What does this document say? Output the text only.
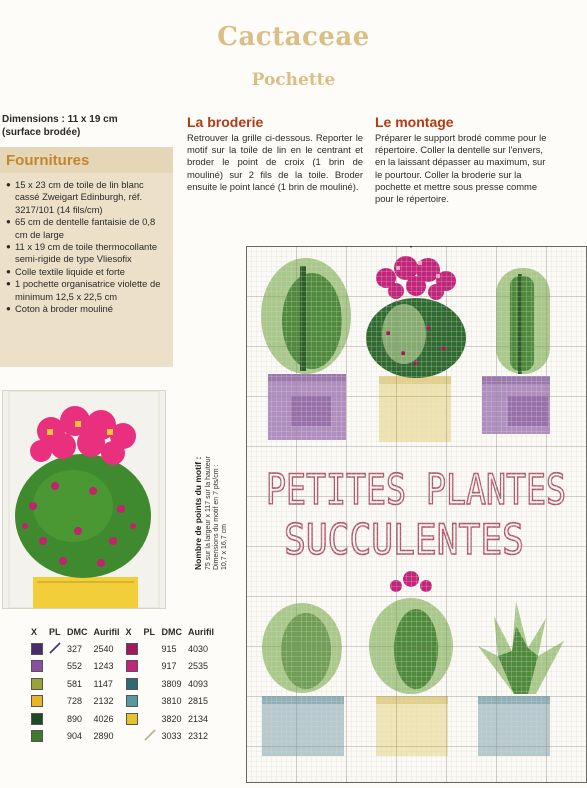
Cactaceae
Pochette
Dimensions : 11 x 19 cm
(surface brodée)
Fournitures
● 15 x 23 cm de toile de lin blanc cassé Zweigart Edinburgh, réf. 3217/101 (14 fils/cm)
● 65 cm de dentelle fantaisie de 0,8 cm de large
● 11 x 19 cm de toile thermocollante semi-rigide de type Vliesofix
● Colle textile liquide et forte
● 1 pochette organisatrice violette de minimum 12,5 x 22,5 cm
● Coton à broder mouliné
La broderie

Retrouver la grille ci-dessous. Reporter le motif sur la toile de lin en le centrant et broder le point de croix (1 brin de mouliné) sur 2 fils de la toile. Broder ensuite le point lancé (1 brin de mouliné).

Le montage

Préparer le support brodé comme pour le répertoire. Coller la dentelle sur l'envers, en la laissant dépasser au maximum, sur le pourtour. Coller la broderie sur la pochette et mettre sous presse comme pour le répertoire.

X	PL	DMC	Aurifil	X	PL	DMC	Aurifil
		327	2540			915	4030
		552	1243			917	2535
		581	1147			3809	4093
		728	2132			3810	2815
		890	4026			3820	2134
		904	2890			3033	2312
Nombre de points du motif : 75 sur la largeur x 117 sur la hauteur Dimensions du motif en 7 pts/cm : 10,7 x 16,7 cm
